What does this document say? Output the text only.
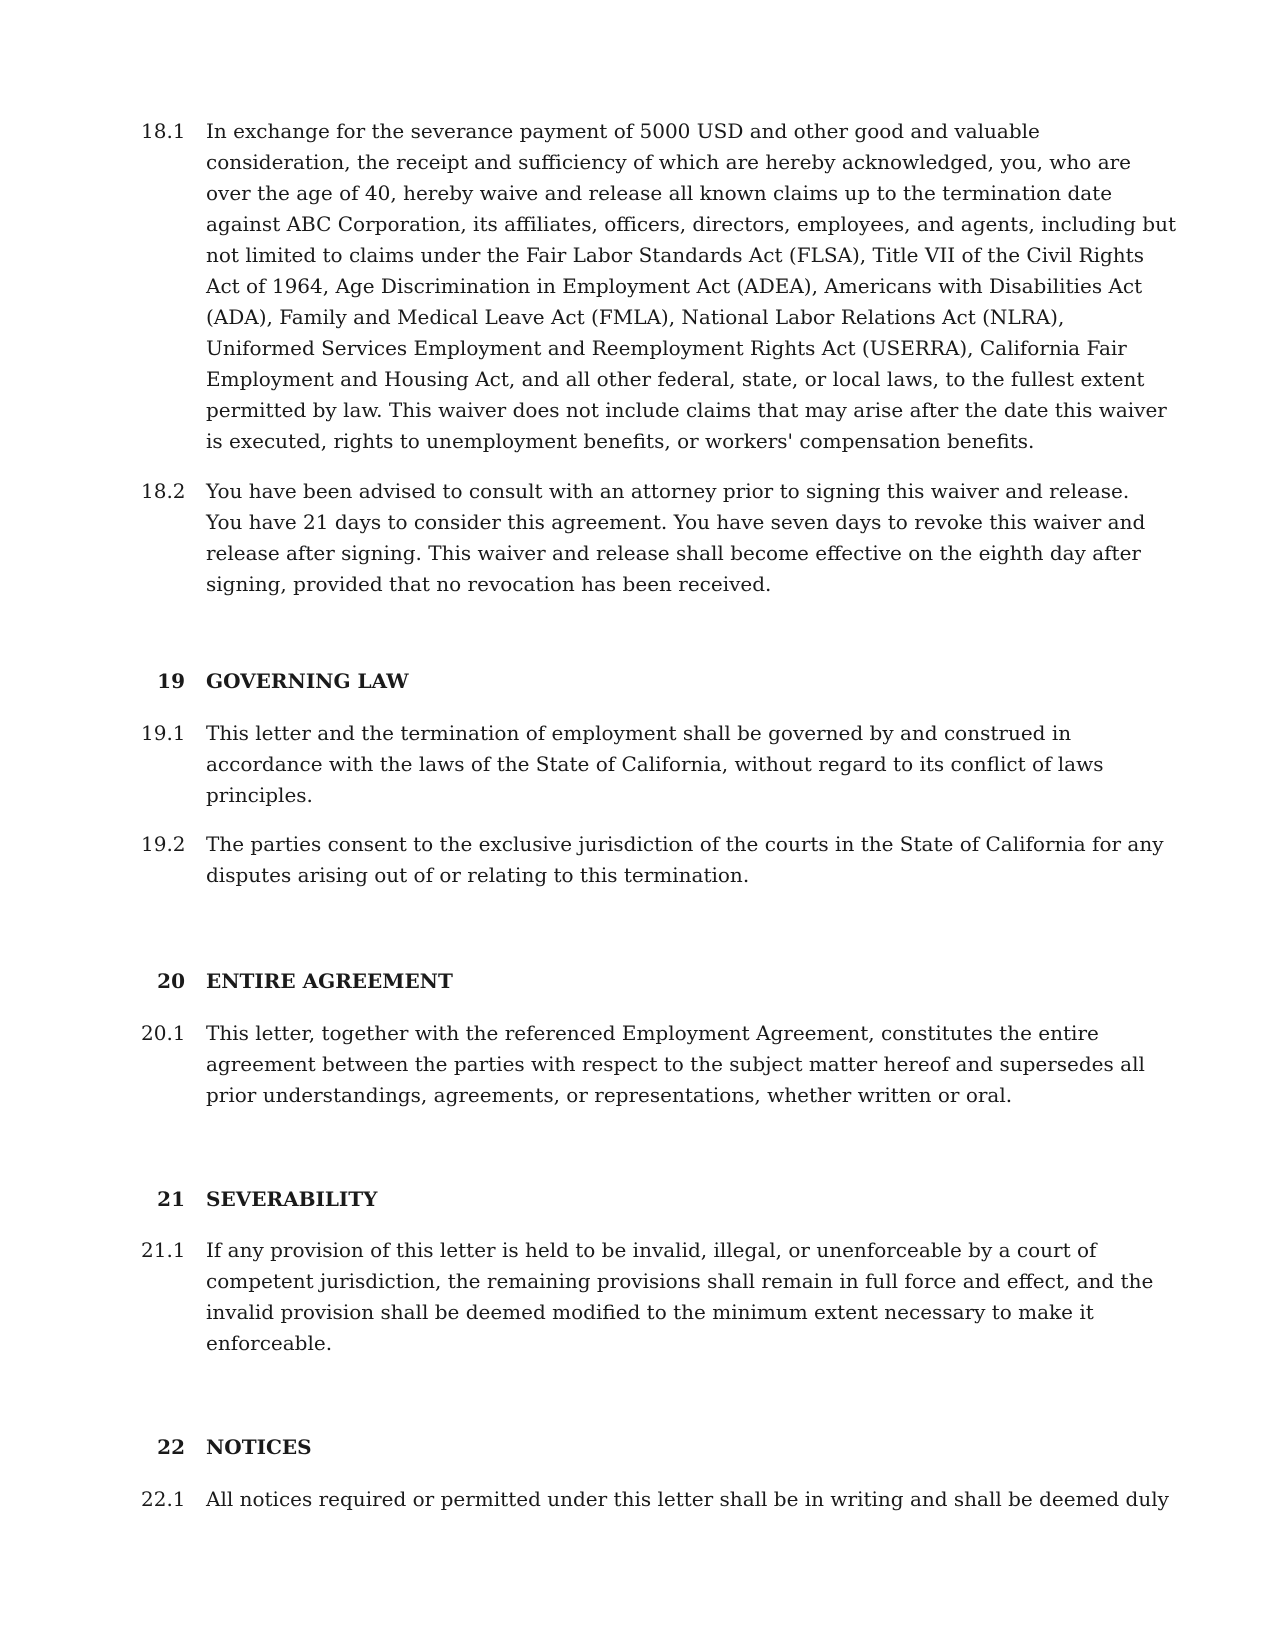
18.1 In exchange for the severance payment of 5000 USD and other good and valuable
consideration, the receipt and sufficiency of which are hereby acknowledged, you, who are
over the age of 40, hereby waive and release all known claims up to the termination date
against ABC Corporation, its affiliates, officers, directors, employees, and agents, including but
not limited to claims under the Fair Labor Standards Act (FLSA), Title VII of the Civil Rights
Act of 1964, Age Discrimination in Employment Act (ADEA), Americans with Disabilities Act
(ADA), Family and Medical Leave Act (FMLA), National Labor Relations Act (NLRA),
Uniformed Services Employment and Reemployment Rights Act (USERRA), California Fair
Employment and Housing Act, and all other federal, state, or local laws, to the fullest extent
permitted by law. This waiver does not include claims that may arise after the date this waiver
is executed, rights to unemployment benefits, or workers' compensation benefits.
18.2 You have been advised to consult with an attorney prior to signing this waiver and release.
You have 21 days to consider this agreement. You have seven days to revoke this waiver and
release after signing. This waiver and release shall become effective on the eighth day after
signing, provided that no revocation has been received.
19 GOVERNING LAW
19.1 This letter and the termination of employment shall be governed by and construed in
accordance with the laws of the State of California, without regard to its conflict of laws
principles.
19.2 The parties consent to the exclusive jurisdiction of the courts in the State of California for any
disputes arising out of or relating to this termination.
20 ENTIRE AGREEMENT
20.1 This letter, together with the referenced Employment Agreement, constitutes the entire
agreement between the parties with respect to the subject matter hereof and supersedes all
prior understandings, agreements, or representations, whether written or oral.
21 SEVERABILITY
21.1 If any provision of this letter is held to be invalid, illegal, or unenforceable by a court of
competent jurisdiction, the remaining provisions shall remain in full force and effect, and the
invalid provision shall be deemed modified to the minimum extent necessary to make it
enforceable.
22 NOTICES
22.1 All notices required or permitted under this letter shall be in writing and shall be deemed duly
